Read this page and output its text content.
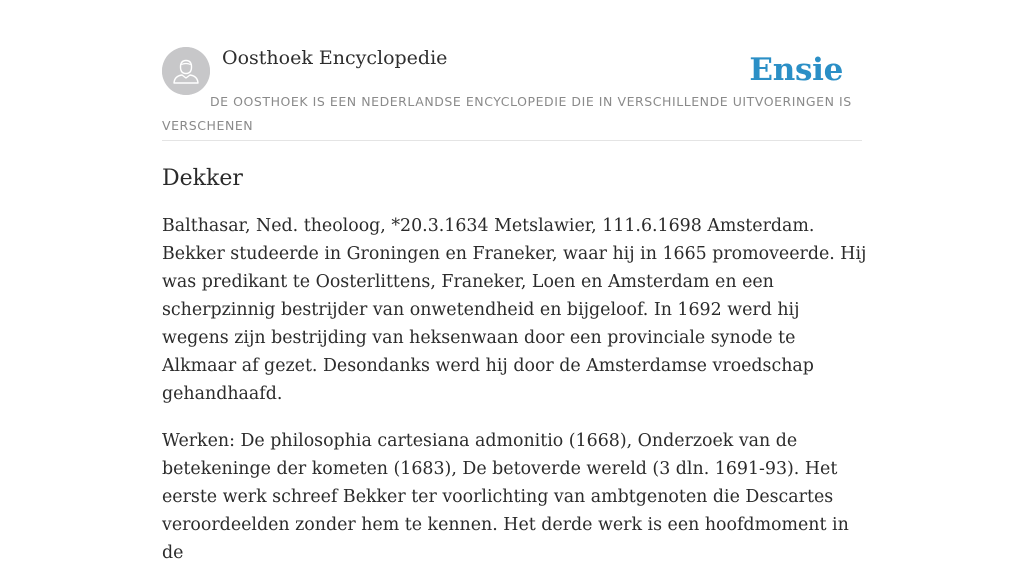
Oosthoek Encyclopedie	Ensie
DE OOSTHOEK IS EEN NEDERLANDSE ENCYCLOPEDIE DIE IN VERSCHILLENDE UITVOERINGEN IS VERSCHENEN
Dekker

Balthasar, Ned. theoloog, *20.3.1634 Metslawier, 111.6.1698 Amsterdam. Bekker studeerde in Groningen en Franeker, waar hij in 1665 promoveerde. Hij was predikant te Oosterlittens, Franeker, Loen en Amsterdam en een scherpzinnig bestrijder van onwetendheid en bijgeloof. In 1692 werd hij wegens zijn bestrijding van heksenwaan door een provinciale synode te Alkmaar af gezet. Desondanks werd hij door de Amsterdamse vroedschap gehandhaafd.

Werken: De philosophia cartesiana admonitio (1668), Onderzoek van de betekeninge der kometen (1683), De betoverde wereld (3 dln. 1691-93). Het eerste werk schreef Bekker ter voorlichting van ambtgenoten die Descartes veroordeelden zonder hem te kennen. Het derde werk is een hoofdmoment in de
